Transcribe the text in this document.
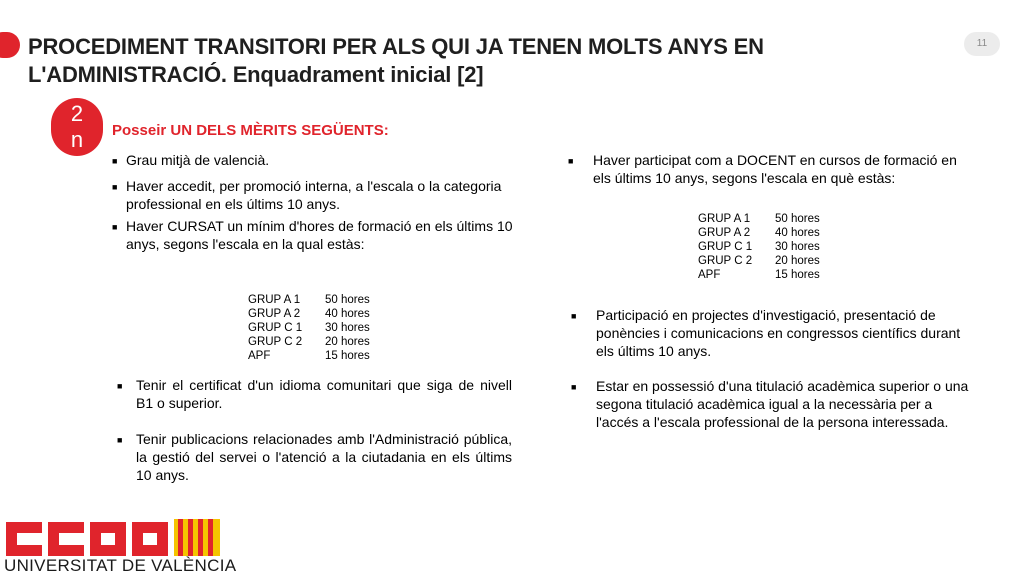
PROCEDIMENT TRANSITORI PER ALS QUI JA TENEN MOLTS ANYS EN
L'ADMINISTRACIÓ. Enquadrament inicial [2]
11
2
n	Posseir UN DELS MÈRITS SEGÜENTS:
■ Grau mitjà de valencià.
■ Haver accedit, per promoció interna, a l'escala o la categoria professional en els últims 10 anys.
■ Haver CURSAT un mínim d'hores de formació en els últims 10 anys, segons l'escala en la qual estàs:
GRUP A 1	50 hores
GRUP A 2	40 hores
GRUP C 1	30 hores
GRUP C 2	20 hores
APF	15 hores
■ Tenir el certificat d'un idioma comunitari que siga de nivell B1 o superior.
■ Tenir publicacions relacionades amb l'Administració pública, la gestió del servei o l'atenció a la ciutadania en els últims 10 anys.
■	Haver participat com a DOCENT en cursos de formació en els últims 10 anys, segons l'escala en què estàs:
GRUP A 1	50 hores
GRUP A 2	40 hores
GRUP C 1	30 hores
GRUP C 2	20 hores
APF	15 hores
■	Participació en projectes d'investigació, presentació de ponències i comunicacions en congressos científics durant els últims 10 anys.
■	Estar en possessió d'una titulació acadèmica superior o una segona titulació acadèmica igual a la necessària per a l'accés a l'escala professional de la persona interessada.
UNIVERSITAT DE VALÈNCIA
